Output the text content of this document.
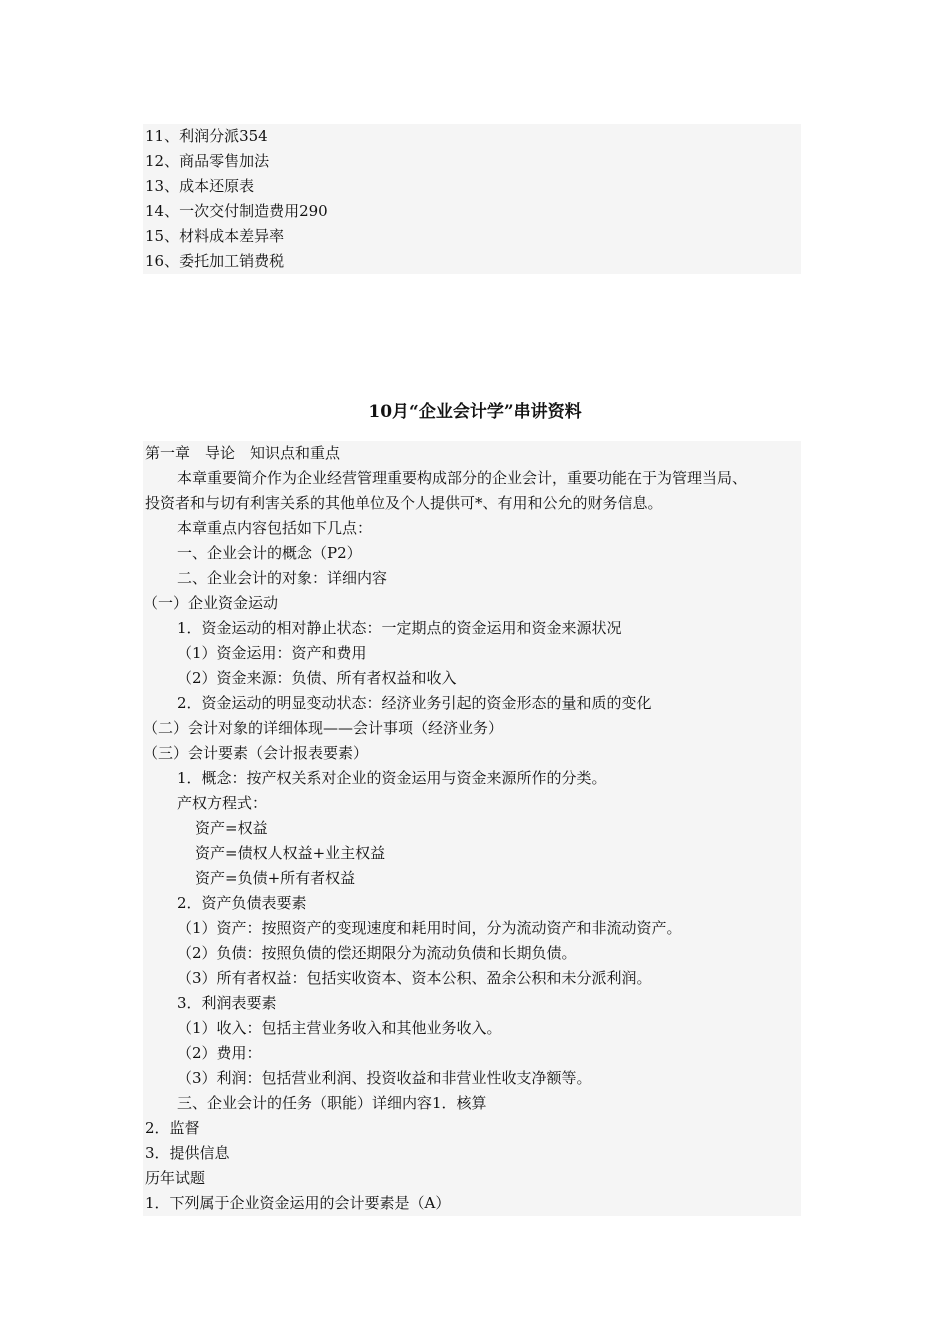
11、利润分派354
12、商品零售加法
13、成本还原表
14、一次交付制造费用290
15、材料成本差异率
16、委托加工销费税
10月“企业会计学”串讲资料
第一章　导论　知识点和重点
本章重要简介作为企业经营管理重要构成部分的企业会计，重要功能在于为管理当局、
投资者和与切有利害关系的其他单位及个人提供可*、有用和公允的财务信息。
本章重点内容包括如下几点：
一、企业会计的概念（P2）
二、企业会计的对象：详细内容
（一）企业资金运动
1．资金运动的相对静止状态：一定期点的资金运用和资金来源状况
（1）资金运用：资产和费用
（2）资金来源：负债、所有者权益和收入
2．资金运动的明显变动状态：经济业务引起的资金形态的量和质的变化
（二）会计对象的详细体现——会计事项（经济业务）
（三）会计要素（会计报表要素）
1．概念：按产权关系对企业的资金运用与资金来源所作的分类。
产权方程式：
资产=权益
资产=债权人权益+业主权益
资产=负债+所有者权益
2．资产负债表要素
（1）资产：按照资产的变现速度和耗用时间，分为流动资产和非流动资产。
（2）负债：按照负债的偿还期限分为流动负债和长期负债。
（3）所有者权益：包括实收资本、资本公积、盈余公积和未分派利润。
3．利润表要素
（1）收入：包括主营业务收入和其他业务收入。
（2）费用：
（3）利润：包括营业利润、投资收益和非营业性收支净额等。
三、企业会计的任务（职能）详细内容1．核算
2．监督
3．提供信息
历年试题
1．下列属于企业资金运用的会计要素是（A）
